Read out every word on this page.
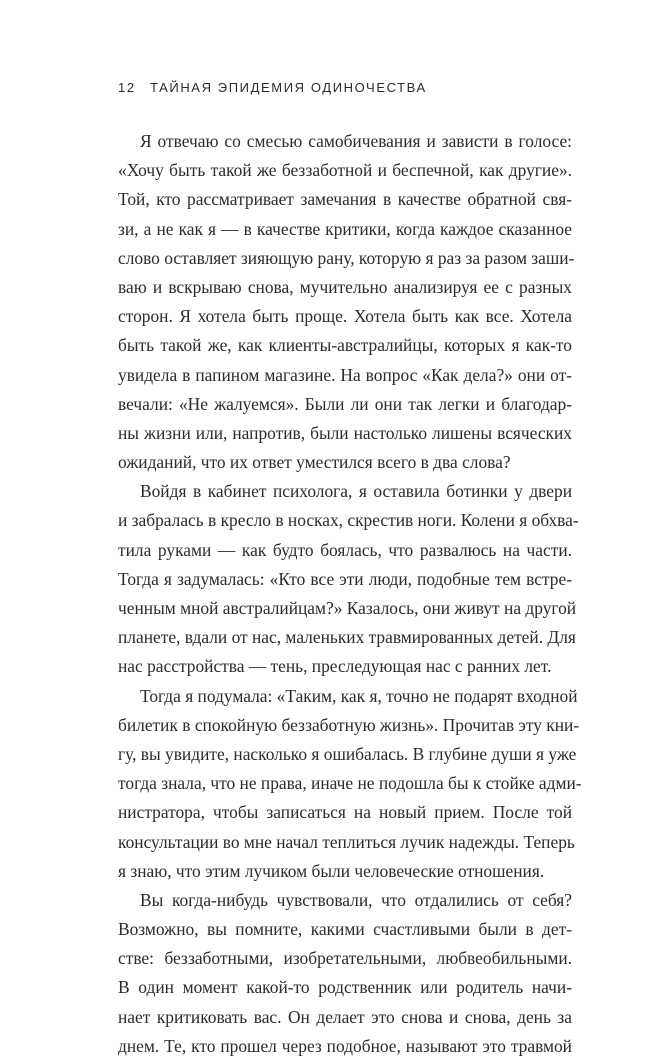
12 ТАЙНАЯ ЭПИДЕМИЯ ОДИНОЧЕСТВА
Я отвечаю со смесью самобичевания и зависти в голосе:
«Хочу быть такой же беззаботной и беспечной, как другие».
Той, кто рассматривает замечания в качестве обратной свя-
зи, а не как я — в качестве критики, когда каждое сказанное
слово оставляет зияющую рану, которую я раз за разом заши-
ваю и вскрываю снова, мучительно анализируя ее с разных
сторон. Я хотела быть проще. Хотела быть как все. Хотела
быть такой же, как клиенты-австралийцы, которых я как-то
увидела в папином магазине. На вопрос «Как дела?» они от-
вечали: «Не жалуемся». Были ли они так легки и благодар-
ны жизни или, напротив, были настолько лишены всяческих
ожиданий, что их ответ уместился всего в два слова?
Войдя в кабинет психолога, я оставила ботинки у двери
и забралась в кресло в носках, скрестив ноги. Колени я обхва-
тила руками — как будто боялась, что развалюсь на части.
Тогда я задумалась: «Кто все эти люди, подобные тем встре-
ченным мной австралийцам?» Казалось, они живут на другой
планете, вдали от нас, маленьких травмированных детей. Для
нас расстройства — тень, преследующая нас с ранних лет.
Тогда я подумала: «Таким, как я, точно не подарят входной
билетик в спокойную беззаботную жизнь». Прочитав эту кни-
гу, вы увидите, насколько я ошибалась. В глубине души я уже
тогда знала, что не права, иначе не подошла бы к стойке адми-
нистратора, чтобы записаться на новый прием. После той
консультации во мне начал теплиться лучик надежды. Теперь
я знаю, что этим лучиком были человеческие отношения.
Вы когда-нибудь чувствовали, что отдалились от себя?
Возможно, вы помните, какими счастливыми были в дет-
стве: беззаботными, изобретательными, любвеобильными.
В один момент какой-то родственник или родитель начи-
нает критиковать вас. Он делает это снова и снова, день за
днем. Те, кто прошел через подобное, называют это травмой
